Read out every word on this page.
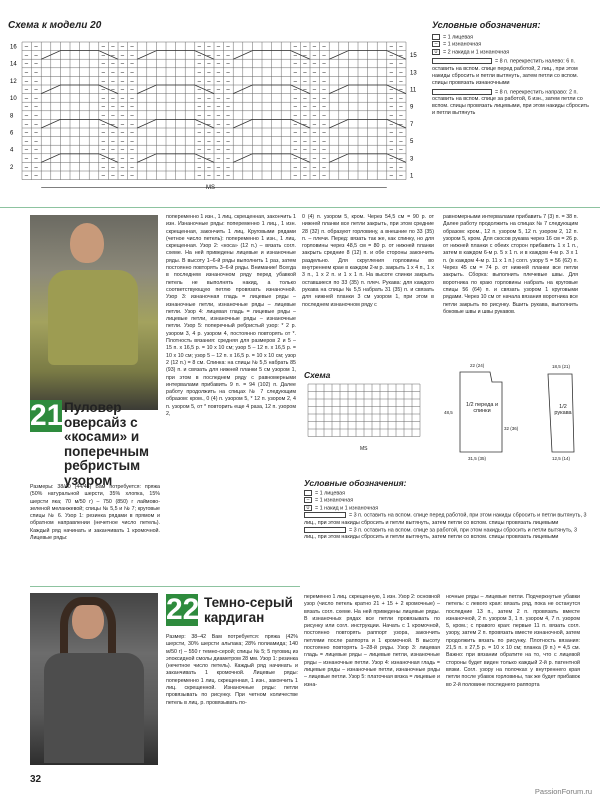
Схема к модели 20
16
14
12
10
8
6
4
2
15
13
11
9
7
5
3
1
– –	– – – –	– – – –	– – – –	– –
– –	– – – –	– – – –	– – – –	– –
– –	– – – –	– – – –	– – – –	– –
– –	– – – –	– – – –	– – – –	– –
– –	– – – –	– – – –	– – – –	– –
– –	– – – –	– – – –	– – – –	– –
– –	– – – –	– – – –	– – – –	– –
– –	– – – –	– – – –	– – – –	– –
– –	– – – –	– – – –	– – – –	– –
– –	– – – –	– – – –	– – – –	– –
– –	– – – –	– – – –	– – – –	– –
– –	– – – –	– – – –	– – – –	– –
– –	– – – –	– – – –	– – – –	– –
– –	– – – –	– – – –	– – – –	– –
– –	– – – –	– – – –	– – – –	– –
– –	– – – –	– – – –	– – – –	– –
MS
Условные обозначения:
= 1 лицевая
– = 1 изнаночная
∪ = 2 накида и 1 изнаночная
= 8 п. перекрестить налево: 6 п. оставить на вспом. спице перед работой, 2 лиц., при этом накиды сбросить и петли вытянуть, затем петли со вспом. спицы провязать изнаночными
= 8 п. перекрестить направо: 2 п. оставить на вспом. спице за работой, 6 изн., затем петли со вспом. спицы провязать лицевыми, при этом накиды сбросить и петли вытянуть
21 Пуловер оверсайз с «косами» и поперечным ребристым узором
Размеры: 38/40 (44/46) Вам потребуется: пряжа (50% натуральной шерсти, 35% хлопка, 15% шерсти яка; 70 м/50 г) – 750 (850) г лаймово-зеленой меланжевой; спицы № 5,5 и № 7; круговые спицы № 6. Узор 1: резинка рядами в прямом и обратном направлении (нечетное число петель). Каждый ряд начинать и заканчивать 1 кромочной. Лицевые ряды:
попеременно 1 изн., 1 лиц. скрещенная, закончить 1 изн. Изнаночные ряды: попеременно 1 лиц., 1 изн. скрещенная, закончить 1 лиц. Круговыми рядами (четное число петель): попеременно 1 изн., 1 лиц. скрещенная. Узор 2: «коса» (12 п.) – вязать согл. схеме. На ней приведены лицевые и изнаночные ряды. В высоту 1–6-й ряды выполнить 1 раз, затем постоянно повторять 3–6-й ряды. Внимание! Всегда в последнем изнаночном ряду перед убавкой петель не выполнять накид, а только соответствующую петлю провязать изнаночной. Узор 3: изнаночная гладь = лицевые ряды – изнаночные петли, изнаночные ряды – лицевые петли. Узор 4: лицевая гладь = лицевые ряды – лицевые петли, изнаночные ряды – изнаночные петли. Узор 5: поперечный ребристый узор: * 2 р. узором 3, 4 р. узором 4, постоянно повторять от *. Плотность вязания: средняя для размеров 2 и 5 – 15 п. x 16,5 р. = 10 x 10 см; узор 5 – 12 п. x 16,5 р. = 10 x 10 см; узор 5 – 12 п. x 16,5 р. = 10 x 10 см; узор 2 (12 п.) = 8 см. Спинка: на спицы № 5,5 набрать 85 (93) п. и связать для нижней планки 5 см узором 1, при этом в последнем ряду с равномерными интервалами прибавить 9 п. = 94 (102) п. Далее работу продолжить на спицах № 7 следующим образом: кром., 0 (4) п. узором 5, * 12 п. узором 2, 4 п. узором 5, от * повторить еще 4 раза, 12 п. узором 2,
0 (4) п. узором 5, кром. Через 54,5 см = 90 р. от нижней планки все петли закрыть, при этом средние 28 (32) п. образуют горловину, а внешние по 33 (35) п. – плечи. Перед: вязать так же, как спинку, но для горловины через 48,5 см = 80 р. от нижней планки закрыть средние 8 (12) п. и обе стороны закончить раздельно. Для скругления горловины во внутреннем крае в каждом 2-м р. закрыть 1 x 4 п., 1 x 3 п., 1 x 2 п. и 1 x 1 п. На высоте спинки закрыть оставшиеся по 33 (35) п. плеч. Рукава: для каждого рукава на спицы № 5,5 набрать 31 (35) п. и связать для нижней планки 3 см узором 1, при этом в последнем изнаночном ряду с
равномерными интервалами прибавить 7 (3) п. = 38 п. Далее работу продолжить на спицах № 7 следующим образом: кром., 12 п. узором 5, 12 п. узором 2, 12 п. узором 5, кром. Для скосов рукава через 16 см = 26 р. от нижней планки с обеих сторон прибавить 1 x 1 п., затем в каждом 6-м р. 5 x 1 п. и в каждом 4-м р. 3 x 1 п. (в каждом 4-м р. 11 x 1 п.) согл. узору 5 = 56 (62) п. Через 45 см = 74 р. от нижней планки все петли закрыть. Сборка: выполнить плечевые швы. Для воротника по краю горловины набрать на круговые спицы 56 (64) п. и связать узором 1 круговыми рядами. Через 10 см от начала вязания воротника все петли закрыть по рисунку. Вшить рукава, выполнить боковые швы и швы рукавов.
Схема
MS
1/2 переда и спинки
1/2 рукава
22 (24)
31,5 (35)
48,5
32 (36)
18,5 (21)
12,5 (14)
Условные обозначения:
= 1 лицевая
– = 1 изнаночная
∪ = 1 накид и 1 изнаночная
= 3 п. оставить на вспом. спице перед работой, при этом накиды сбросить и петли вытянуть, 3 лиц., при этом накиды сбросить и петли вытянуть, затем петли со вспом. спицы провязать лицевыми
= 3 п. оставить на вспом. спице за работой, при этом накиды сбросить и петли вытянуть, 3 лиц., при этом накиды сбросить и петли вытянуть, затем петли со вспом. спицы провязать лицевыми
22 Темно-серый кардиган
Размер: 38–42 Вам потребуется: пряжа (42% шерсти, 30% шерсти альпака; 28% полиамида; 140 м/50 г) – 550 г темно-серой; спицы № 5; 5 пуговиц из эпоксидной смолы диаметром 28 мм. Узор 1: резинка (нечетное число петель). Каждый ряд начинать и заканчивать 1 кромочной. Лицевые ряды: попеременно 1 лиц. скрещенная, 1 изн., закончить 1 лиц. скрещенной. Изнаночные ряды: петли провязывать по рисунку. При четном количестве петель в лиц. р. провязывать по-
переменно 1 лиц. скрещенную, 1 изн. Узор 2: основной узор (число петель кратно 21 + 15 + 2 кромочные) – вязать согл. схеме. На ней приведены лицевые ряды. В изнаночных рядах все петли провязывать по рисунку или согл. инструкции. Начать с 1 кромочной, постоянно повторять раппорт узора, закончить петлями после раппорта и 1 кромочной. В высоту постоянно повторять 1–28-й ряды. Узор 3: лицевая гладь = лицевые ряды – лицевые петли, изнаночные ряды – изнаночные петли. Узор 4: изнаночная гладь = лицевые ряды – изнаночные петли, изнаночные ряды – лицевые петли. Узор 5: платочная вязка = лицевые и изна-
ночные ряды – лицевые петли. Подчеркнутые убавки петель: с левого края: вязать ряд, пока не останутся последние 13 п., затем 2 п. провязать вместе изнаночной, 2 п. узором 3, 1 п. узором 4, 7 п. узором 5, кром.; с правого края: первые 11 п. вязать согл. узору, затем 2 п. провязать вместе изнаночной, затем продолжить вязать по рисунку. Плотность вязания: 21,5 п. x 27,5 р. = 10 x 10 см; планка (9 п.) = 4,5 см. Важно: при вязании обратите на то, что с лицевой стороны будет виден только каждый 2-й р. патентной вязки. Согл. узору на полочках у внутреннего края петли после убавок горловины, так же будет прибавок во 2-й половине последнего раппорта
32
PassionForum.ru
